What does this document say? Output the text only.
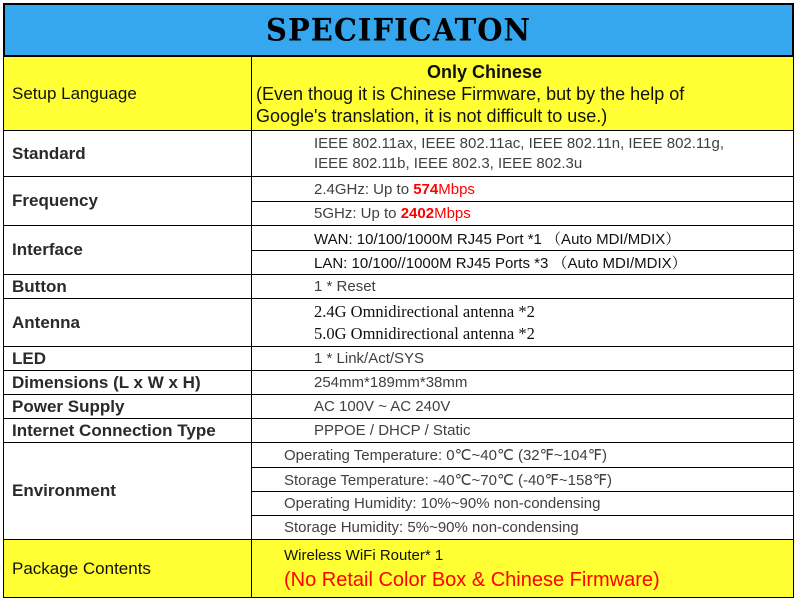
SPECIFICATON
Setup Language	Only Chinese
(Even thoug it is Chinese Firmware, but by the help of
Google's translation, it is not difficult to use.)

Standard	IEEE 802.11ax, IEEE 802.11ac, IEEE 802.11n, IEEE 802.11g,
IEEE 802.11b, IEEE 802.3, IEEE 802.3u

Frequency	2.4GHz: Up to 574Mbps
5GHz: Up to 2402Mbps

Interface	WAN: 10/100/1000M RJ45 Port *1 （Auto MDI/MDIX）
LAN: 10/100//1000M RJ45 Ports *3 （Auto MDI/MDIX）

Button	1 * Reset

Antenna	2.4G Omnidirectional antenna *2
5.0G Omnidirectional antenna *2

LED	1 * Link/Act/SYS

Dimensions (L x W x H)	254mm*189mm*38mm

Power Supply	AC 100V ~ AC 240V

Internet Connection Type	PPPOE / DHCP / Static

Environment	Operating Temperature: 0℃~40℃ (32℉~104℉)
Storage Temperature: -40℃~70℃ (-40℉~158℉)
Operating Humidity: 10%~90% non-condensing
Storage Humidity: 5%~90% non-condensing

Package Contents	Wireless WiFi Router* 1
(No Retail Color Box & Chinese Firmware)
